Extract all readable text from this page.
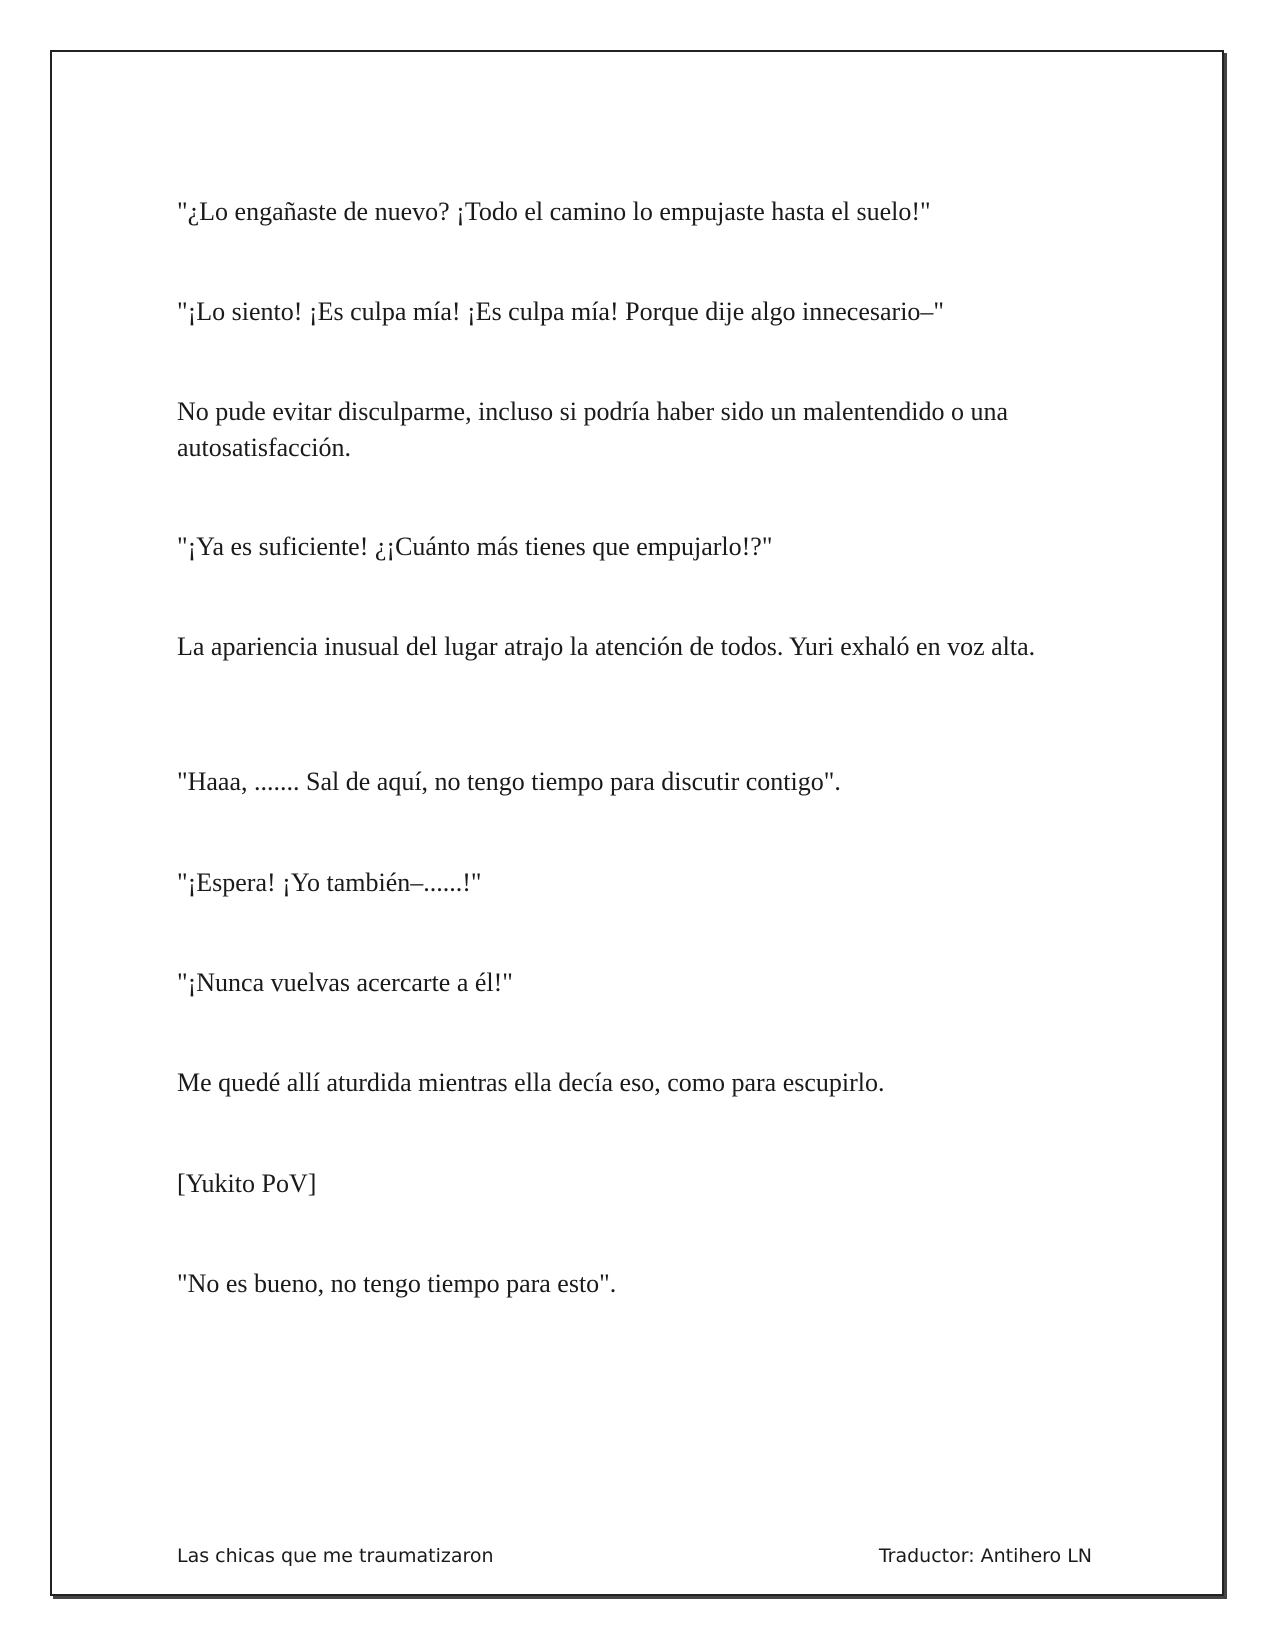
"¿Lo engañaste de nuevo? ¡Todo el camino lo empujaste hasta el suelo!"

"¡Lo siento! ¡Es culpa mía! ¡Es culpa mía! Porque dije algo innecesario–"

No pude evitar disculparme, incluso si podría haber sido un malentendido o una autosatisfacción.

"¡Ya es suficiente! ¿¡Cuánto más tienes que empujarlo!?"

La apariencia inusual del lugar atrajo la atención de todos. Yuri exhaló en voz alta.

"Haaa, ....... Sal de aquí, no tengo tiempo para discutir contigo".

"¡Espera! ¡Yo también–......!"

"¡Nunca vuelvas acercarte a él!"

Me quedé allí aturdida mientras ella decía eso, como para escupirlo.

[Yukito PoV]

"No es bueno, no tengo tiempo para esto".

Las chicas que me traumatizaron	Traductor: Antihero LN
